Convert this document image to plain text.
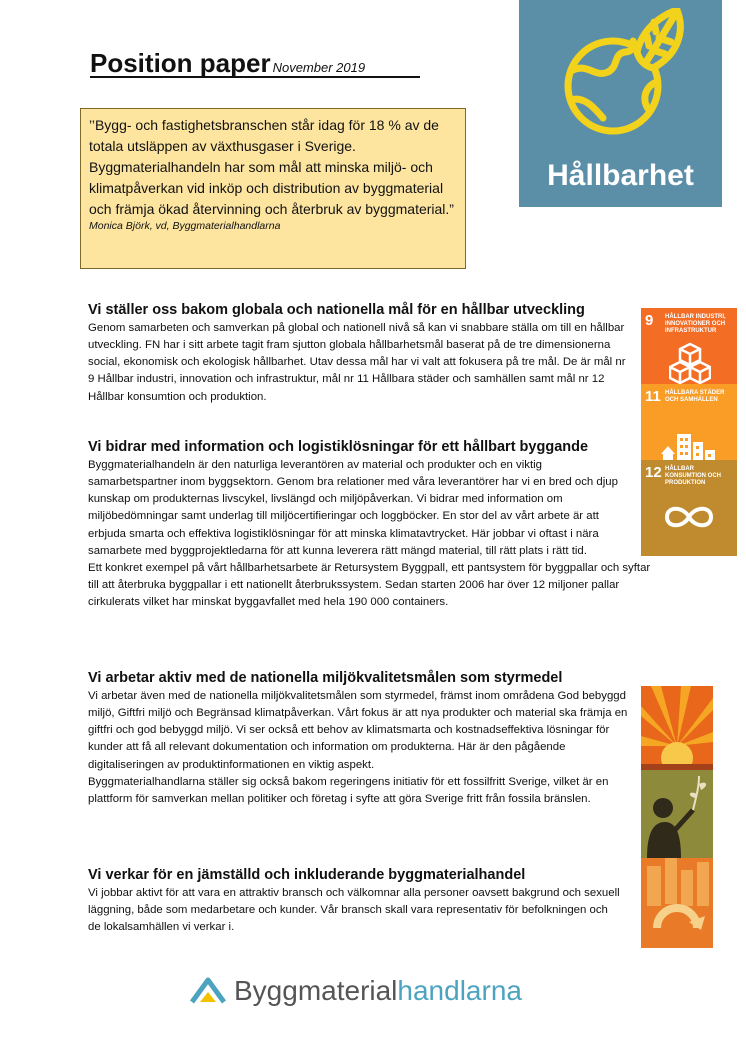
Position paper November 2019
Hållbarhet
’’Bygg- och fastighetsbranschen står idag för 18 % av de totala utsläppen av växthusgaser i Sverige. Byggmaterialhandeln har som mål att minska miljö- och klimatpåverkan vid inköp och distribution av byggmaterial och främja ökad återvinning och återbruk av byggmaterial.”
Monica Björk, vd, Byggmaterialhandlarna
Vi ställer oss bakom globala och nationella mål för en hållbar utveckling

Genom samarbeten och samverkan på global och nationell nivå så kan vi snabbare ställa om till en hållbar utveckling. FN har i sitt arbete tagit fram sjutton globala hållbarhetsmål baserat på de tre dimensionerna social, ekonomisk och ekologisk hållbarhet. Utav dessa mål har vi valt att fokusera på tre mål. De är mål nr 9 Hållbar industri, innovation och infrastruktur, mål nr 11 Hållbara städer och samhällen samt mål nr 12 Hållbar konsumtion och produktion.

Vi bidrar med information och logistiklösningar för ett hållbart byggande

Byggmaterialhandeln är den naturliga leverantören av material och produkter och en viktig samarbetspartner inom byggsektorn. Genom bra relationer med våra leverantörer har vi en bred och djup kunskap om produkternas livscykel, livslängd och miljöpåverkan. Vi bidrar med information om miljöbedömningar samt underlag till miljöcertifieringar och loggböcker. En stor del av vårt arbete är att erbjuda smarta och effektiva logistiklösningar för att minska klimatavtrycket. Här jobbar vi oftast i nära samarbete med byggprojektledarna för att kunna leverera rätt mängd material, till rätt plats i rätt tid.

Ett konkret exempel på vårt hållbarhetsarbete är Retursystem Byggpall, ett pantsystem för byggpallar och syftar till att återbruka byggpallar i ett nationellt återbrukssystem. Sedan starten 2006 har över 12 miljoner pallar cirkulerats vilket har minskat byggavfallet med hela 190 000 containers.

Vi arbetar aktiv med de nationella miljökvalitetsmålen som styrmedel

Vi arbetar även med de nationella miljökvalitetsmålen som styrmedel, främst inom områdena God bebyggd miljö, Giftfri miljö och Begränsad klimatpåverkan. Vårt fokus är att nya produkter och material ska främja en giftfri och god bebyggd miljö. Vi ser också ett behov av klimatsmarta och kostnadseffektiva lösningar för kunder att få all relevant dokumentation och information om produkterna. Här är den pågående digitaliseringen av produktinformationen en viktig aspekt.

Byggmaterialhandlarna ställer sig också bakom regeringens initiativ för ett fossilfritt Sverige, vilket är en plattform för samverkan mellan politiker och företag i syfte att göra Sverige fritt från fossila bränslen.

Vi verkar för en jämställd och inkluderande byggmaterialhandel

Vi jobbar aktivt för att vara en attraktiv bransch och välkomnar alla personer oavsett bakgrund och sexuell läggning, både som medarbetare och kunder. Vår bransch skall vara representativ för befolkningen och de lokalsamhällen vi verkar i.

9 HÅLLBAR INDUSTRI, INNOVATIONER OCH INFRASTRUKTUR
11 HÅLLBARA STÄDER OCH SAMHÄLLEN
12 HÅLLBAR KONSUMTION OCH PRODUKTION
Byggmaterialhandlarna
